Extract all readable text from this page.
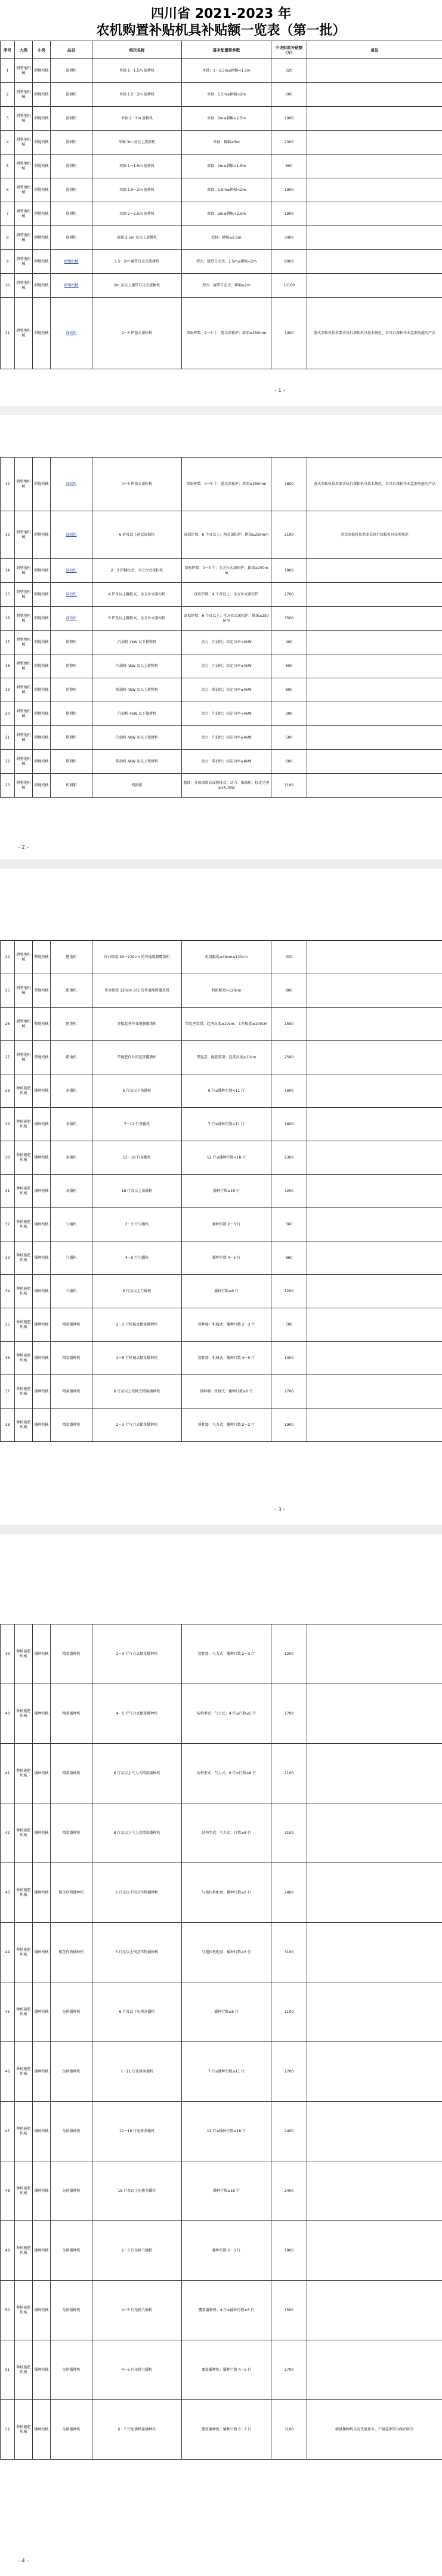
四川省 2021-2023 年
农机购置补贴机具补贴额一览表（第一批）
序号	大类	小类	品目	档次名称	基本配置和参数	中央财政补贴额(元)	备注
1	耕整地机械	耕地机械	旋耕机	单轴 1～1.5m 旋耕机	单轴；1～1.5m≤耕幅<1.5m	320	
2	耕整地机械	耕地机械	旋耕机	单轴 1.5～2m 旋耕机	单轴；1.5m≤耕幅<2m	600	
3	耕整地机械	耕地机械	旋耕机	单轴 2～3m 旋耕机	单轴；2m≤耕幅<2.5m	1000	
4	耕整地机械	耕地机械	旋耕机	单轴 3m 及以上旋耕机	单轴；耕幅≥3m	2300	
5	耕整地机械	耕地机械	旋耕机	双轴 1～1.5m 旋耕机	双轴；1m≤耕幅<1.5m	600	
6	耕整地机械	耕地机械	旋耕机	双轴 1.5～2m 旋耕机	双轴；1.5m≤耕幅<2m	1900	
7	耕整地机械	耕地机械	旋耕机	双轴 2～2.5m 旋耕机	双轴；2m≤耕幅<2.5m	1900	
8	耕整地机械	耕地机械	旋耕机	双轴 2.5m 及以上旋耕机	双轴；耕幅≥2.5m	3400	
9	耕整地机械	耕地机械	耕地机械	1.5～2m 履带自走式旋耕机	型式：履带自走式；1.5m≤耕幅<2m	6000	
10	耕整地机械	耕地机械	耕地机械	2m 及以上履带自走式旋耕机	型式：履带自走式；耕幅≥2m	10100	
11	耕整地机械	耕地机械	深松机	2～3 铲凿式深松机	深松铲数：2～3 个；凿式深松铲；耕深≥250mm	1400	凿式深松机技术要求执行深松机具技术规范，含具有深松作业监测功能的产品
- 1 -
12	耕整地机械	耕地机械	深松机	4～5 铲凿式深松机	深松铲数：4～5 个；凿式深松铲；耕深≥250mm	1600	凿式深松机技术要求执行深松机具技术规范，含具有深松作业监测功能的产品
13	耕整地机械	耕地机械	深松机	6 铲及以上凿式深松机	深松铲数：6 个及以上；凿式深松铲；耕深≥250mm	2100	凿式深松机技术要求执行深松机具技术规范
14	耕整地机械	耕地机械	深松机	2～3 铲翻松式、全方位式深松机	深松铲数：2～3 个；全方位式深松铲；耕深≥250mm	1900	
15	耕整地机械	耕地机械	深松机	4 铲及以上翻松式、全方位式深松机	深松铲数：4 个及以上；全方位式深松铲	2700	
16	耕整地机械	耕地机械	深松机	6 铲及以上翻松式、全方位式深松机	深松铲数：6 个及以上；全方位式深松铲；耕深≥250mm	3500	
17	耕整地机械	耕地机械	耕整机	汽油机 4kW 以下耕整机	动力：汽油机；标定功率<4kW	400	
18	耕整地机械	耕地机械	耕整机	汽油机 4kW 及以上耕整机	动力：汽油机；标定功率≥4kW	600	
19	耕整地机械	耕地机械	耕整机	柴油机 4kW 及以上耕整机	动力：柴油机；标定功率≥4kW	800	
20	耕整地机械	耕地机械	微耕机	汽油机 4kW 以下微耕机	动力：汽油机；标定功率<4kW	300	
21	耕整地机械	耕地机械	微耕机	汽油机 4kW 及以上微耕机	动力：汽油机；标定功率≥4kW	500	
22	耕整地机械	耕地机械	微耕机	柴油机 4kW 及以上微耕机	动力：柴油机；标定功率≥4kW	600	
23	耕整地机械	耕地机械	机耕船	机耕船	船体：分体钢制式或整体式；动力：柴油机；标定功率≥14.7kW	1100	
- 2 -
24	耕整地机械	整地机械	耙地机	作业幅宽 40～120cm 的普通地膜覆盖机	机组幅宽≥40cm≤120cm	320	
25	耕整地机械	整地机械	耙地机	作业幅宽 120cm 以上的普通地膜覆盖机	机组幅宽>120cm	800	
26	耕整地机械	整地机械	耙地机	宽幅起垄作业地膜覆盖机	带起垄装置；起垄高度≥10cm；工作幅宽≥100cm	1500	
27	耕整地机械	整地机械	耙地机	带施肥作业的起垄覆膜机	带起垄、施肥装置；起垄高度≥10cm	2500	
28	种植施肥机械	播种机械	条播机	6 行及以下条播机	6 行≤播种行数<11 行	1600	
29	种植施肥机械	播种机械	条播机	7～11 行条播机	7 行≤播种行数<11 行	1600	
30	种植施肥机械	播种机械	条播机	12～18 行条播机	12 行≤播种行数<18 行	2300	
31	种植施肥机械	播种机械	条播机	18 行及以上条播机	播种行数≥18 行	3200	
32	种植施肥机械	播种机械	穴播机	2～3 行穴播机	播种行数 2～3 行	360	
33	种植施肥机械	播种机械	穴播机	4～5 行穴播机	播种行数 4～5 行	860	
34	种植施肥机械	播种机械	穴播机	6 行及以上穴播机	播种行数≥6 行	1200	
35	种植施肥机械	播种机械	精量播种机	2～3 行机械式精量播种机	排种器：机械式；播种行数 2～3 行	790	
36	种植施肥机械	播种机械	精量播种机	4～5 行机械式精量播种机	排种器：机械式；播种行数 4～5 行	1300	
37	种植施肥机械	播种机械	精量播种机	6 行及以上机械式精量播种机	排种器：机械式；播种行数≥6 行	2700	
38	种植施肥机械	播种机械	精量播种机	2～3 行气力式精量播种机	排种器：气力式；播种行数 2～3 行	1900	
- 3 -
39	种植施肥机械	播种机械	精量播种机	2～3 行气力式精量播种机	排种器：气力式；播种行数 2～3 行	1200	
40	种植施肥机械	播种机械	精量播种机	4～5 行气力式精量播种机	结构型式：气力式；4 行≤行数≤5 行	1700	
41	种植施肥机械	播种机械	精量播种机	6 行及以上气力式精量播种机	结构型式：气力式；6 行≤行数≤8 行	2100	
42	种植施肥机械	播种机械	精量播种机	8 行及以上气力式精量播种机	结构型式：气力式；行数≥8 行	3100	
43	种植施肥机械	播种机械	根茎作物播种机	2 行及以下根茎作物播种机	与拖拉机配套；播种行数≤2 行	2400	
44	种植施肥机械	播种机械	根茎作物播种机	3 行及以上根茎作物播种机	与拖拉机配套；播种行数≥3 行	3100	
45	种植施肥机械	播种机械	免耕播种机	6 行及以下免耕条播机	播种行数≤6 行	1100	
46	种植施肥机械	播种机械	免耕播种机	7～11 行免耕条播机	7 行≤播种行数≤11 行	1700	
47	种植施肥机械	播种机械	免耕播种机	12～18 行免耕条播机	12 行≤播种行数≤18 行	2400	
48	种植施肥机械	播种机械	免耕播种机	18 行及以上免耕条播机	播种行数≥18 行	2400	
49	种植施肥机械	播种机械	免耕播种机	2～3 行免耕穴播机	播种行数 2～3 行	1900	
50	种植施肥机械	播种机械	免耕播种机	4～5 行免耕穴播机	覆盖播种机；4 行≤播种行数≤5 行	1500	
51	种植施肥机械	播种机械	免耕播种机	4～5 行免耕穴播机	覆盖播种机；播种行数 4～5 行	2700	
52	种植施肥机械	播种机械	免耕播种机	6～7 行免耕精量播种机	覆盖播种机；播种行数 6～7 行	3100	精量播种机具有变量作业、产量监测等功能的除外
- 4 -
